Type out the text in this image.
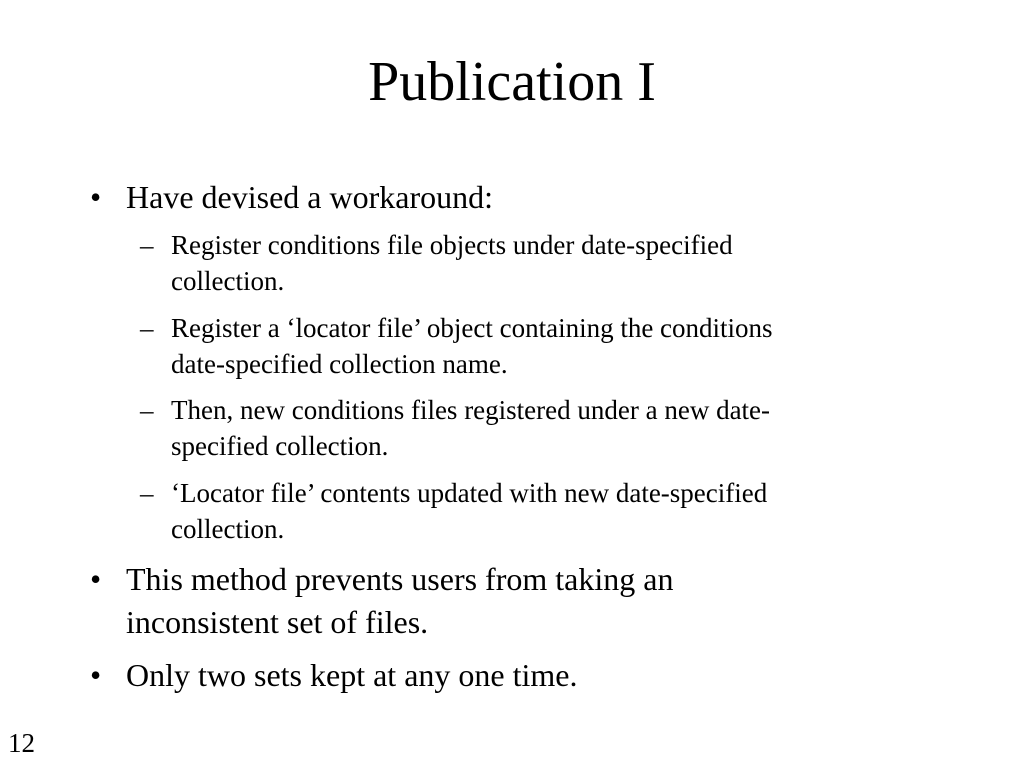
Publication I
• Have devised a workaround:
– Register conditions file objects under date-specified
collection.
– Register a ‘locator file’ object containing the conditions
date-specified collection name.
– Then, new conditions files registered under a new date-
specified collection.
– ‘Locator file’ contents updated with new date-specified
collection.
• This method prevents users from taking an
inconsistent set of files.
• Only two sets kept at any one time.
12
